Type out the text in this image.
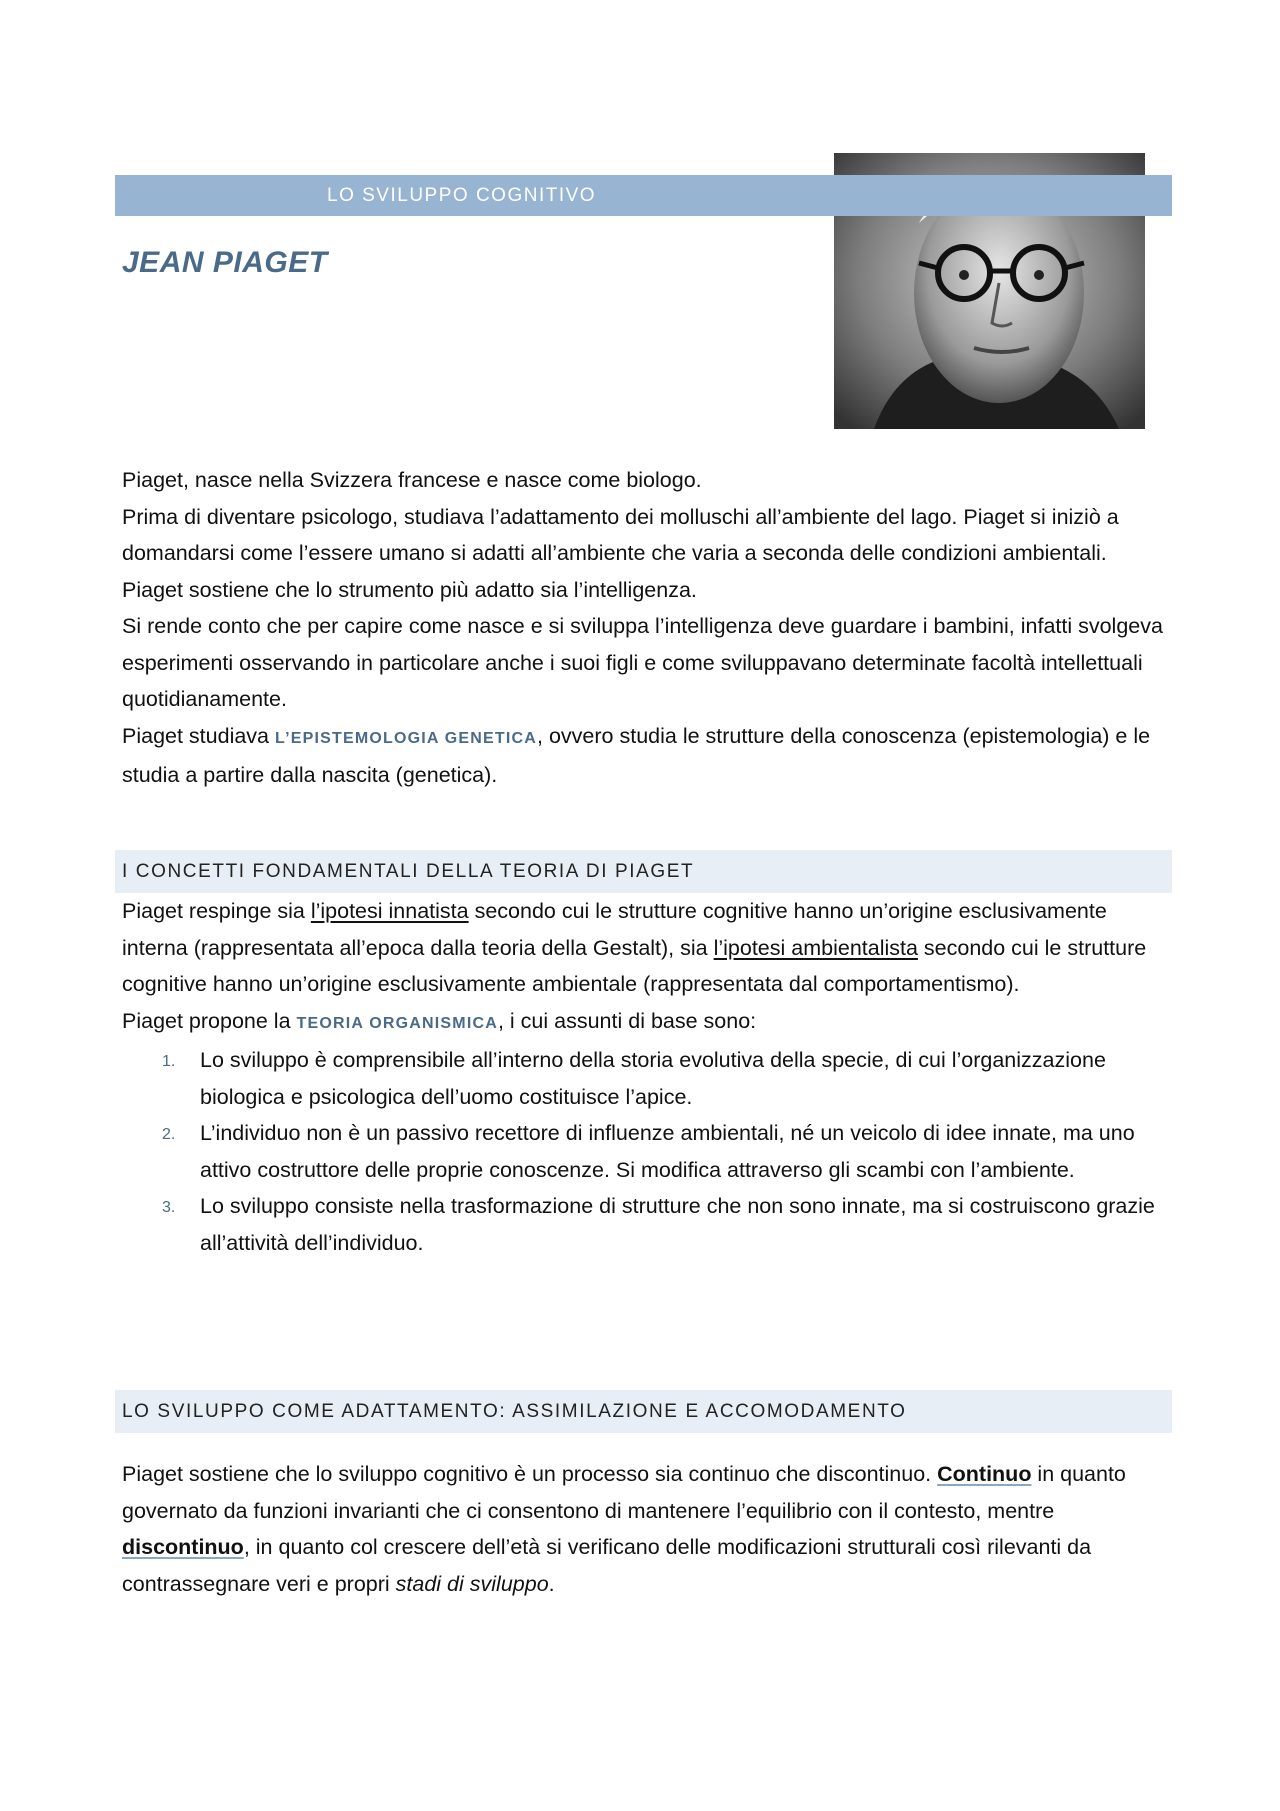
LO SVILUPPO COGNITIVO
JEAN PIAGET

Piaget, nasce nella Svizzera francese e nasce come biologo.

Prima di diventare psicologo, studiava l’adattamento dei molluschi all’ambiente del lago. Piaget si iniziò a domandarsi come l’essere umano si adatti all’ambiente che varia a seconda delle condizioni ambientali. Piaget sostiene che lo strumento più adatto sia l’intelligenza.

Si rende conto che per capire come nasce e si sviluppa l’intelligenza deve guardare i bambini, infatti svolgeva esperimenti osservando in particolare anche i suoi figli e come sviluppavano determinate facoltà intellettuali quotidianamente.

Piaget studiava L’EPISTEMOLOGIA GENETICA, ovvero studia le strutture della conoscenza (epistemologia) e le studia a partire dalla nascita (genetica).

I CONCETTI FONDAMENTALI DELLA TEORIA DI PIAGET

Piaget respinge sia l’ipotesi innatista secondo cui le strutture cognitive hanno un’origine esclusivamente interna (rappresentata all’epoca dalla teoria della Gestalt), sia l’ipotesi ambientalista secondo cui le strutture cognitive hanno un’origine esclusivamente ambientale (rappresentata dal comportamentismo).

Piaget propone la TEORIA ORGANISMICA, i cui assunti di base sono:

1. Lo sviluppo è comprensibile all’interno della storia evolutiva della specie, di cui l’organizzazione biologica e psicologica dell’uomo costituisce l’apice.
2. L’individuo non è un passivo recettore di influenze ambientali, né un veicolo di idee innate, ma uno attivo costruttore delle proprie conoscenze. Si modifica attraverso gli scambi con l’ambiente.
3. Lo sviluppo consiste nella trasformazione di strutture che non sono innate, ma si costruiscono grazie all’attività dell’individuo.
LO SVILUPPO COME ADATTAMENTO: ASSIMILAZIONE E ACCOMODAMENTO

Piaget sostiene che lo sviluppo cognitivo è un processo sia continuo che discontinuo. Continuo in quanto governato da funzioni invarianti che ci consentono di mantenere l’equilibrio con il contesto, mentre discontinuo, in quanto col crescere dell’età si verificano delle modificazioni strutturali così rilevanti da contrassegnare veri e propri stadi di sviluppo.
